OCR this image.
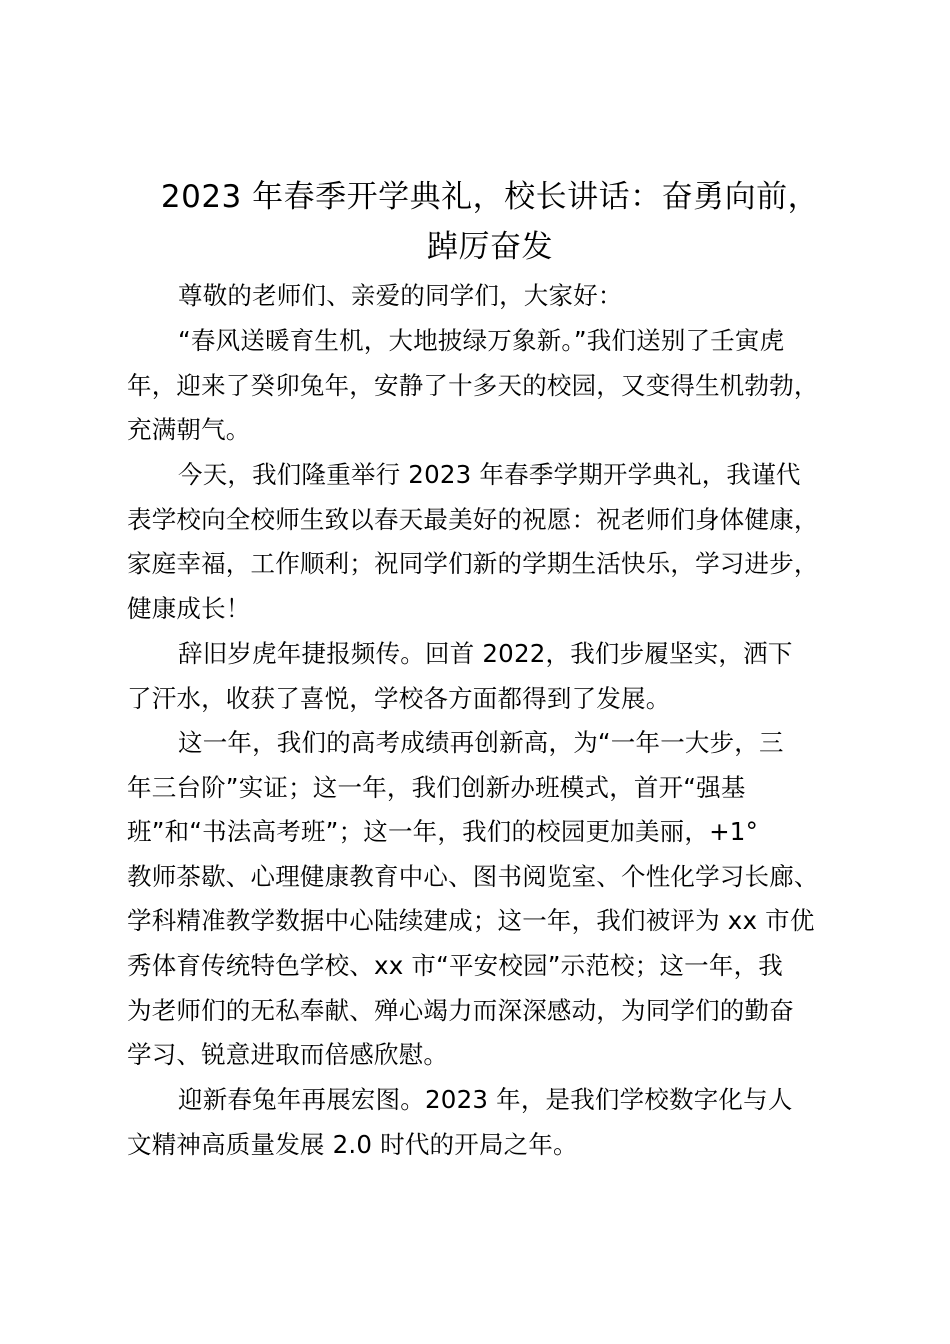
2023 年春季开学典礼，校长讲话：奋勇向前，
踔厉奋发

尊敬的老师们、亲爱的同学们，大家好：

“春风送暖育生机，大地披绿万象新。”我们送别了壬寅虎
年，迎来了癸卯兔年，安静了十多天的校园，又变得生机勃勃，
充满朝气。

今天，我们隆重举行 2023 年春季学期开学典礼，我谨代
表学校向全校师生致以春天最美好的祝愿：祝老师们身体健康，
家庭幸福，工作顺利；祝同学们新的学期生活快乐，学习进步，
健康成长！

辞旧岁虎年捷报频传。回首 2022，我们步履坚实，洒下
了汗水，收获了喜悦，学校各方面都得到了发展。

这一年，我们的高考成绩再创新高，为“一年一大步，三
年三台阶”实证；这一年，我们创新办班模式，首开“强基
班”和“书法高考班”；这一年，我们的校园更加美丽，+1°
教师茶歇、心理健康教育中心、图书阅览室、个性化学习长廊、
学科精准教学数据中心陆续建成；这一年，我们被评为 xx 市优
秀体育传统特色学校、xx 市“平安校园”示范校；这一年，我
为老师们的无私奉献、殚心竭力而深深感动，为同学们的勤奋
学习、锐意进取而倍感欣慰。

迎新春兔年再展宏图。2023 年，是我们学校数字化与人
文精神高质量发展 2.0 时代的开局之年。
